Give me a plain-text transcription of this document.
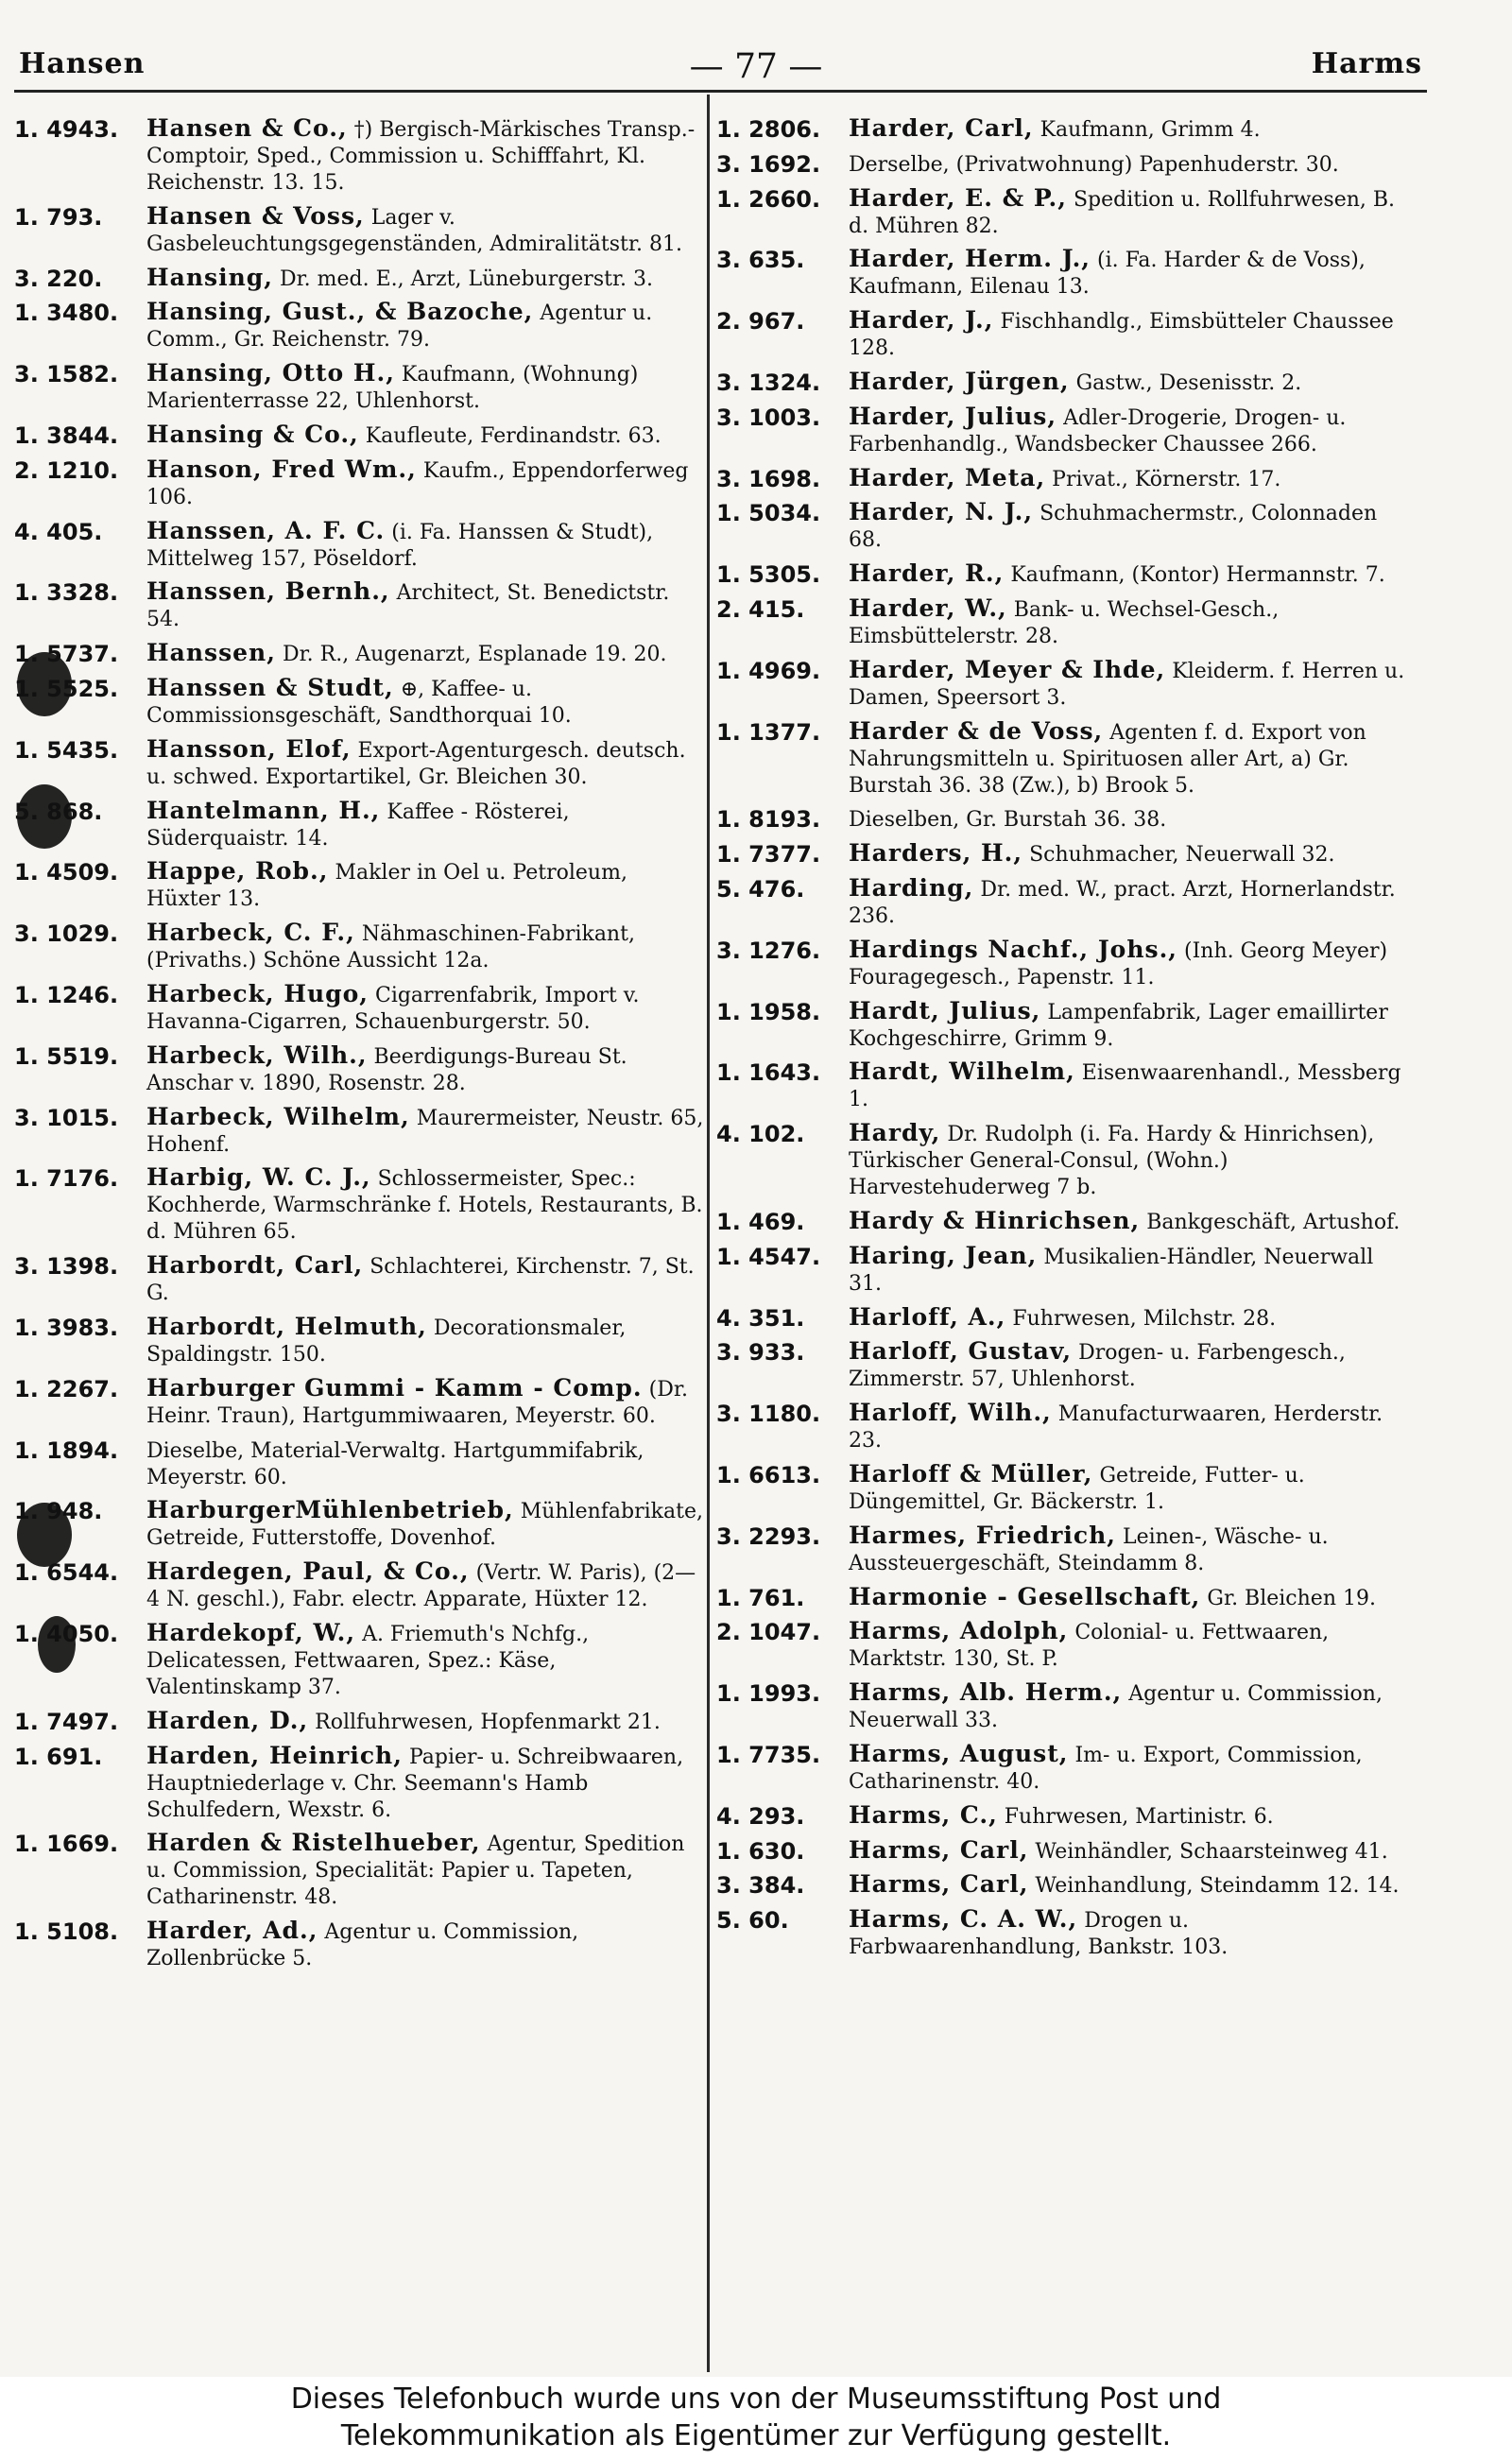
Hansen	— 77 —	Harms
1. 4943.	Hansen & Co., †) Bergisch-Märkisches Transp.-Comptoir, Sped., Commission u. Schifffahrt, Kl. Reichenstr. 13. 15.
1. 793.	Hansen & Voss, Lager v. Gasbeleuchtungsgegenständen, Admiralitätstr. 81.
3. 220.	Hansing, Dr. med. E., Arzt, Lüneburgerstr. 3.
1. 3480.	Hansing, Gust., & Bazoche, Agentur u. Comm., Gr. Reichenstr. 79.
3. 1582.	Hansing, Otto H., Kaufmann, (Wohnung) Marienterrasse 22, Uhlenhorst.
1. 3844.	Hansing & Co., Kaufleute, Ferdinandstr. 63.
2. 1210.	Hanson, Fred Wm., Kaufm., Eppendorferweg 106.
4. 405.	Hanssen, A. F. C. (i. Fa. Hanssen & Studt), Mittelweg 157, Pöseldorf.
1. 3328.	Hanssen, Bernh., Architect, St. Benedictstr. 54.
1. 5737.	Hanssen, Dr. R., Augenarzt, Esplanade 19. 20.
1. 5525.	Hanssen & Studt, ⊕, Kaffee- u. Commissionsgeschäft, Sandthorquai 10.
1. 5435.	Hansson, Elof, Export-Agenturgesch. deutsch. u. schwed. Exportartikel, Gr. Bleichen 30.
5. 868.	Hantelmann, H., Kaffee - Rösterei, Süderquaistr. 14.
1. 4509.	Happe, Rob., Makler in Oel u. Petroleum, Hüxter 13.
3. 1029.	Harbeck, C. F., Nähmaschinen-Fabrikant, (Privaths.) Schöne Aussicht 12a.
1. 1246.	Harbeck, Hugo, Cigarrenfabrik, Import v. Havanna-Cigarren, Schauenburgerstr. 50.
1. 5519.	Harbeck, Wilh., Beerdigungs-Bureau St. Anschar v. 1890, Rosenstr. 28.
3. 1015.	Harbeck, Wilhelm, Maurermeister, Neustr. 65, Hohenf.
1. 7176.	Harbig, W. C. J., Schlossermeister, Spec.: Kochherde, Warmschränke f. Hotels, Restaurants, B. d. Mühren 65.
3. 1398.	Harbordt, Carl, Schlachterei, Kirchenstr. 7, St. G.
1. 3983.	Harbordt, Helmuth, Decorationsmaler, Spaldingstr. 150.
1. 2267.	Harburger Gummi - Kamm - Comp. (Dr. Heinr. Traun), Hartgummiwaaren, Meyerstr. 60.
1. 1894.	Dieselbe, Material-Verwaltg. Hartgummifabrik, Meyerstr. 60.
1. 948.	HarburgerMühlenbetrieb, Mühlenfabrikate, Getreide, Futterstoffe, Dovenhof.
1. 6544.	Hardegen, Paul, & Co., (Vertr. W. Paris), (2—4 N. geschl.), Fabr. electr. Apparate, Hüxter 12.
1. 4050.	Hardekopf, W., A. Friemuth's Nchfg., Delicatessen, Fettwaaren, Spez.: Käse, Valentinskamp 37.
1. 7497.	Harden, D., Rollfuhrwesen, Hopfenmarkt 21.
1. 691.	Harden, Heinrich, Papier- u. Schreibwaaren, Hauptniederlage v. Chr. Seemann's Hamb Schulfedern, Wexstr. 6.
1. 1669.	Harden & Ristelhueber, Agentur, Spedition u. Commission, Specialität: Papier u. Tapeten, Catharinenstr. 48.
1. 5108.	Harder, Ad., Agentur u. Commission, Zollenbrücke 5.
1. 2806.	Harder, Carl, Kaufmann, Grimm 4.
3. 1692.	Derselbe, (Privatwohnung) Papenhuderstr. 30.
1. 2660.	Harder, E. & P., Spedition u. Rollfuhrwesen, B. d. Mühren 82.
3. 635.	Harder, Herm. J., (i. Fa. Harder & de Voss), Kaufmann, Eilenau 13.
2. 967.	Harder, J., Fischhandlg., Eimsbütteler Chaussee 128.
3. 1324.	Harder, Jürgen, Gastw., Desenisstr. 2.
3. 1003.	Harder, Julius, Adler-Drogerie, Drogen- u. Farbenhandlg., Wandsbecker Chaussee 266.
3. 1698.	Harder, Meta, Privat., Körnerstr. 17.
1. 5034.	Harder, N. J., Schuhmachermstr., Colonnaden 68.
1. 5305.	Harder, R., Kaufmann, (Kontor) Hermannstr. 7.
2. 415.	Harder, W., Bank- u. Wechsel-Gesch., Eimsbüttelerstr. 28.
1. 4969.	Harder, Meyer & Ihde, Kleiderm. f. Herren u. Damen, Speersort 3.
1. 1377.	Harder & de Voss, Agenten f. d. Export von Nahrungsmitteln u. Spirituosen aller Art, a) Gr. Burstah 36. 38 (Zw.), b) Brook 5.
1. 8193.	Dieselben, Gr. Burstah 36. 38.
1. 7377.	Harders, H., Schuhmacher, Neuerwall 32.
5. 476.	Harding, Dr. med. W., pract. Arzt, Hornerlandstr. 236.
3. 1276.	Hardings Nachf., Johs., (Inh. Georg Meyer) Fouragegesch., Papenstr. 11.
1. 1958.	Hardt, Julius, Lampenfabrik, Lager emaillirter Kochgeschirre, Grimm 9.
1. 1643.	Hardt, Wilhelm, Eisenwaarenhandl., Messberg 1.
4. 102.	Hardy, Dr. Rudolph (i. Fa. Hardy & Hinrichsen), Türkischer General-Consul, (Wohn.) Harvestehuderweg 7 b.
1. 469.	Hardy & Hinrichsen, Bankgeschäft, Artushof.
1. 4547.	Haring, Jean, Musikalien-Händler, Neuerwall 31.
4. 351.	Harloff, A., Fuhrwesen, Milchstr. 28.
3. 933.	Harloff, Gustav, Drogen- u. Farbengesch., Zimmerstr. 57, Uhlenhorst.
3. 1180.	Harloff, Wilh., Manufacturwaaren, Herderstr. 23.
1. 6613.	Harloff & Müller, Getreide, Futter- u. Düngemittel, Gr. Bäckerstr. 1.
3. 2293.	Harmes, Friedrich, Leinen-, Wäsche- u. Aussteuergeschäft, Steindamm 8.
1. 761.	Harmonie - Gesellschaft, Gr. Bleichen 19.
2. 1047.	Harms, Adolph, Colonial- u. Fettwaaren, Marktstr. 130, St. P.
1. 1993.	Harms, Alb. Herm., Agentur u. Commission, Neuerwall 33.
1. 7735.	Harms, August, Im- u. Export, Commission, Catharinenstr. 40.
4. 293.	Harms, C., Fuhrwesen, Martinistr. 6.
1. 630.	Harms, Carl, Weinhändler, Schaarsteinweg 41.
3. 384.	Harms, Carl, Weinhandlung, Steindamm 12. 14.
5. 60.	Harms, C. A. W., Drogen u. Farbwaarenhandlung, Bankstr. 103.
Dieses Telefonbuch wurde uns von der Museumsstiftung Post und
Telekommunikation als Eigentümer zur Verfügung gestellt.
